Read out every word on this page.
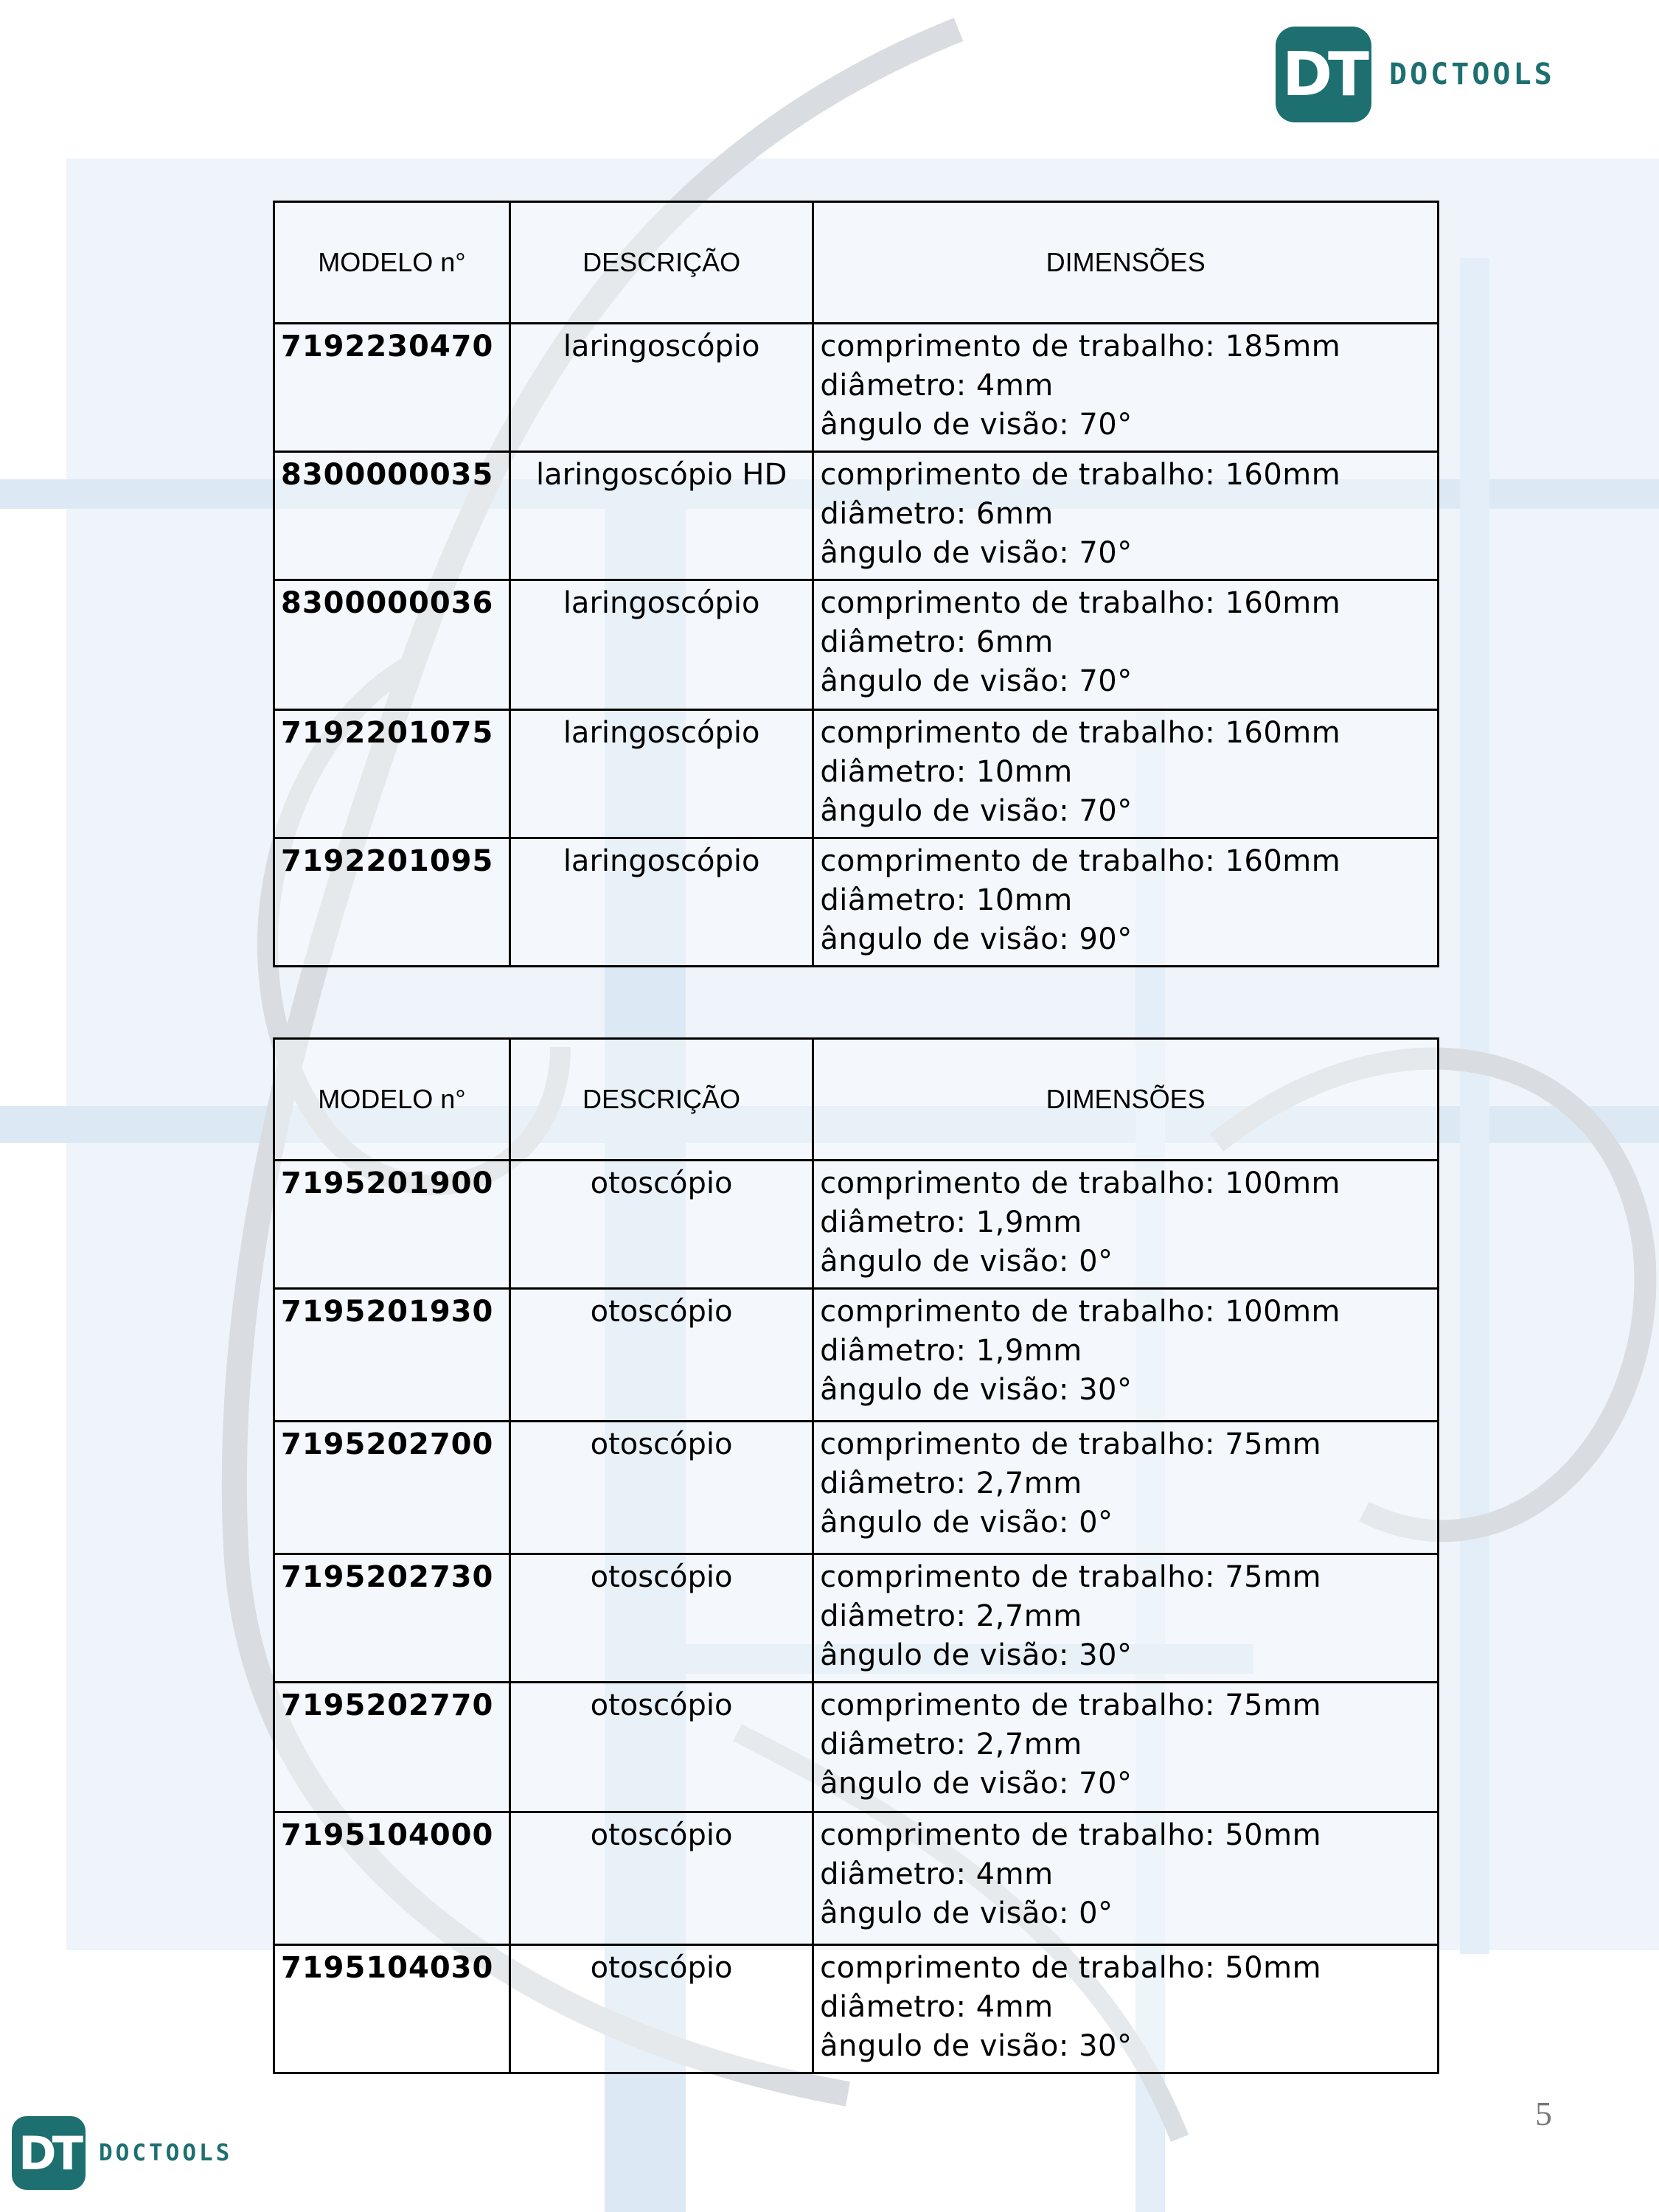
DT DOCTOOLS
MODELO n°	DESCRIÇÃO	DIMENSÕES
7192230470	laringoscópio	comprimento de trabalho: 185mm
diâmetro: 4mm
ângulo de visão: 70°

8300000035	laringoscópio HD	comprimento de trabalho: 160mm
diâmetro: 6mm
ângulo de visão: 70°

8300000036	laringoscópio	comprimento de trabalho: 160mm
diâmetro: 6mm
ângulo de visão: 70°

7192201075	laringoscópio	comprimento de trabalho: 160mm
diâmetro: 10mm
ângulo de visão: 70°

7192201095	laringoscópio	comprimento de trabalho: 160mm
diâmetro: 10mm
ângulo de visão: 90°
MODELO n°	DESCRIÇÃO	DIMENSÕES
7195201900	otoscópio	comprimento de trabalho: 100mm
diâmetro: 1,9mm
ângulo de visão: 0°

7195201930	otoscópio	comprimento de trabalho: 100mm
diâmetro: 1,9mm
ângulo de visão: 30°

7195202700	otoscópio	comprimento de trabalho: 75mm
diâmetro: 2,7mm
ângulo de visão: 0°

7195202730	otoscópio	comprimento de trabalho: 75mm
diâmetro: 2,7mm
ângulo de visão: 30°

7195202770	otoscópio	comprimento de trabalho: 75mm
diâmetro: 2,7mm
ângulo de visão: 70°

7195104000	otoscópio	comprimento de trabalho: 50mm
diâmetro: 4mm
ângulo de visão: 0°

7195104030	otoscópio	comprimento de trabalho: 50mm
diâmetro: 4mm
ângulo de visão: 30°
5
DT DOCTOOLS
